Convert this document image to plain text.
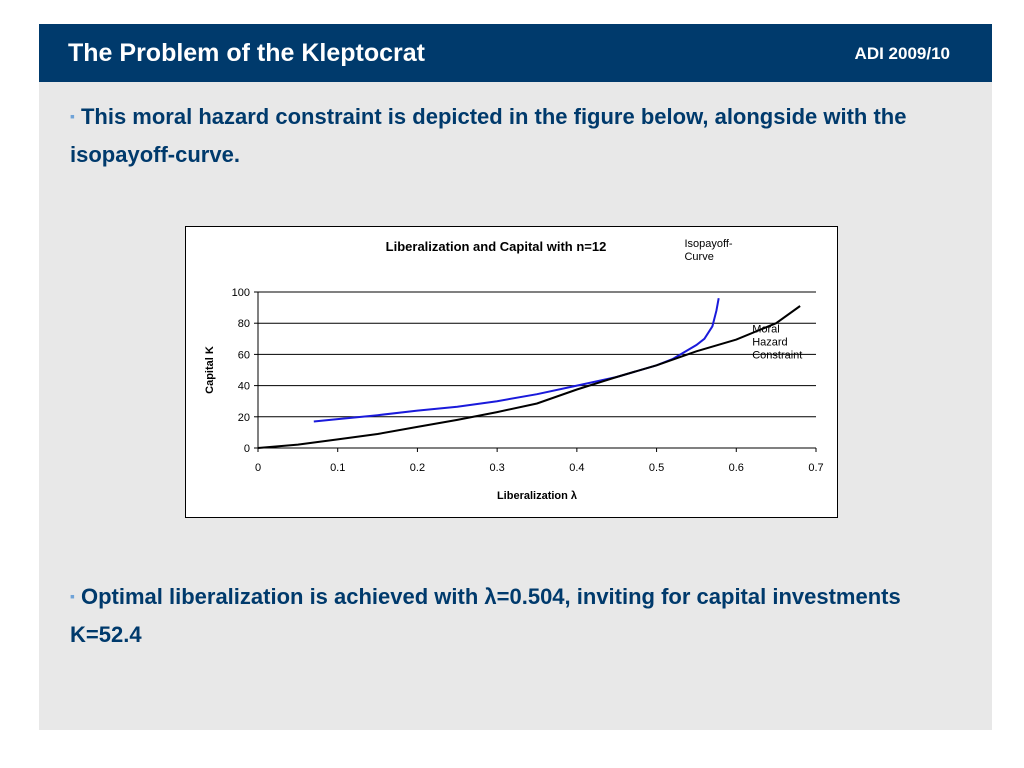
The Problem of the Kleptocrat	ADI 2009/10
▪ This moral hazard constraint is depicted in the figure below, alongside with the isopayoff-curve.
0
20
40
60
80
100
0	0.1	0.2	0.3	0.4	0.5	0.6	0.7
Liberalization and Capital with n=12
Liberalization λ
Capital K
Isopayoff-Curve
Moral Hazard Constraint
▪ Optimal liberalization is achieved with λ=0.504, inviting for capital investments K=52.4
